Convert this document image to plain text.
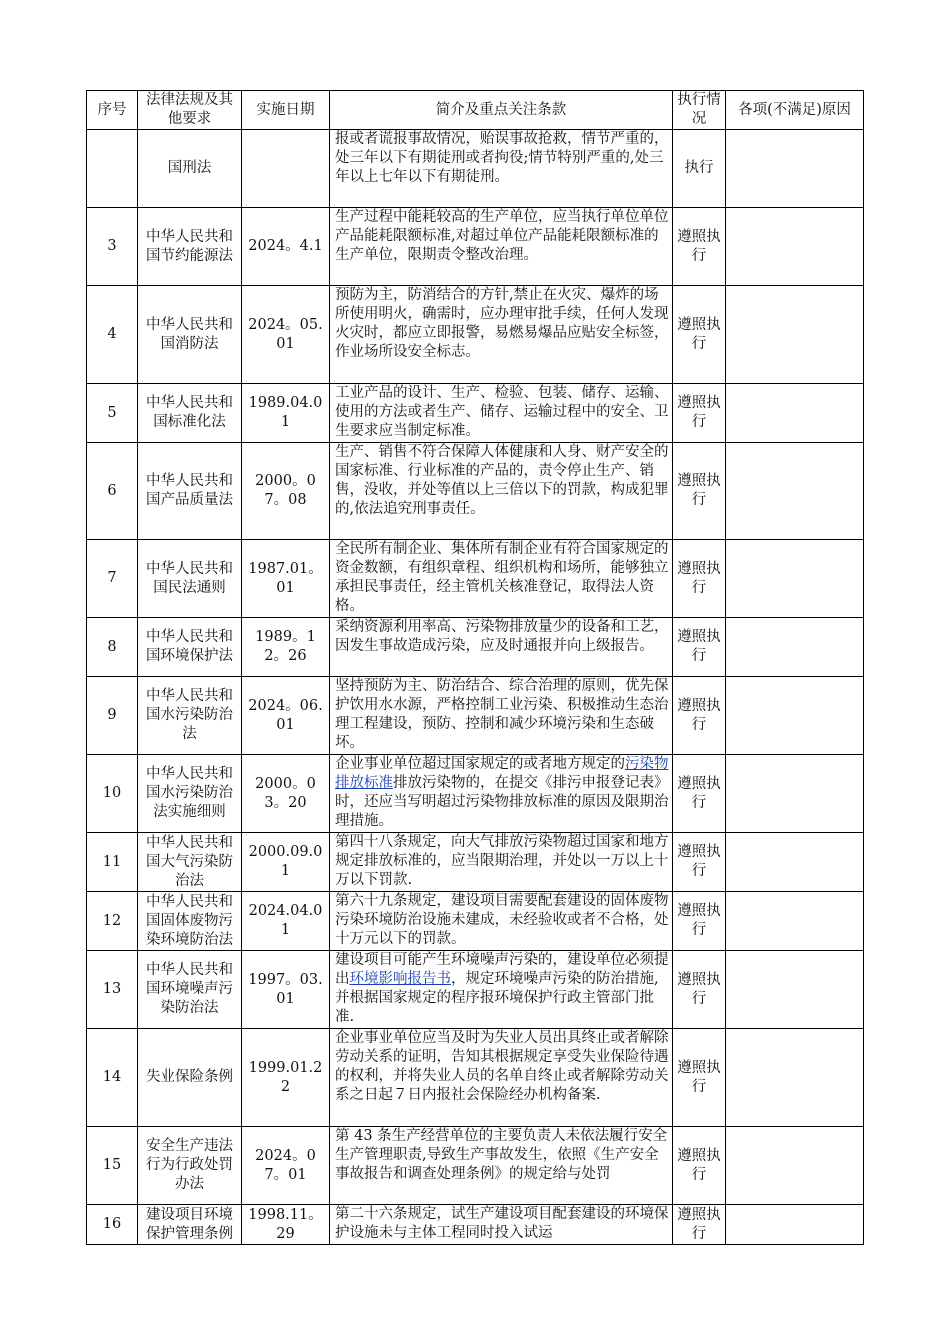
序号	法律法规及其他要求	实施日期	简介及重点关注条款	执行情况	各项(不满足)原因
	国刑法		报或者谎报事故情况，贻误事故抢救，情节严重的，处三年以下有期徒刑或者拘役;情节特别严重的,处三年以上七年以下有期徒刑。	执行	
3	中华人民共和国节约能源法	2024。4.1	生产过程中能耗较高的生产单位，应当执行单位单位产品能耗限额标准,对超过单位产品能耗限额标准的生产单位，限期责令整改治理。	遵照执行	
4	中华人民共和国消防法	2024。05.01	预防为主，防消结合的方针,禁止在火灾、爆炸的场所使用明火，确需时，应办理审批手续，任何人发现火灾时，都应立即报警，易燃易爆品应贴安全标签，作业场所设安全标志。	遵照执行	
5	中华人民共和国标准化法	1989.04.01	工业产品的设计、生产、检验、包装、储存、运输、使用的方法或者生产、储存、运输过程中的安全、卫生要求应当制定标准。	遵照执行	
6	中华人民共和国产品质量法	2000。07。08	生产、销售不符合保障人体健康和人身、财产安全的国家标准、行业标准的产品的，责令停止生产、销售，没收，并处等值以上三倍以下的罚款，构成犯罪的,依法追究刑事责任。	遵照执行	
7	中华人民共和国民法通则	1987.01。01	全民所有制企业、集体所有制企业有符合国家规定的资金数额，有组织章程、组织机构和场所，能够独立承担民事责任，经主管机关核准登记，取得法人资格。	遵照执行	
8	中华人民共和国环境保护法	1989。12。26	采纳资源利用率高、污染物排放量少的设备和工艺，因发生事故造成污染，应及时通报并向上级报告。	遵照执行	
9	中华人民共和国水污染防治法	2024。06.01	坚持预防为主、防治结合、综合治理的原则，优先保护饮用水水源，严格控制工业污染、积极推动生态治理工程建设，预防、控制和减少环境污染和生态破坏。	遵照执行	
10	中华人民共和国水污染防治法实施细则	2000。03。20	企业事业单位超过国家规定的或者地方规定的污染物排放标准排放污染物的，在提交《排污申报登记表》时，还应当写明超过污染物排放标准的原因及限期治理措施。	遵照执行	
11	中华人民共和国大气污染防治法	2000.09.01	第四十八条规定，向大气排放污染物超过国家和地方规定排放标准的，应当限期治理，并处以一万以上十万以下罚款.	遵照执行	
12	中华人民共和国固体废物污染环境防治法	2024.04.01	第六十九条规定，建设项目需要配套建设的固体废物污染环境防治设施未建成，未经验收或者不合格，处十万元以下的罚款。	遵照执行	
13	中华人民共和国环境噪声污染防治法	1997。03.01	建设项目可能产生环境噪声污染的，建设单位必须提出环境影响报告书，规定环境噪声污染的防治措施,并根据国家规定的程序报环境保护行政主管部门批准.	遵照执行	
14	失业保险条例	1999.01.22	企业事业单位应当及时为失业人员出具终止或者解除劳动关系的证明，告知其根据规定享受失业保险待遇的权利，并将失业人员的名单自终止或者解除劳动关系之日起７日内报社会保险经办机构备案.	遵照执行	
15	安全生产违法行为行政处罚办法	2024。07。01	第 43 条生产经营单位的主要负责人未依法履行安全生产管理职责,导致生产事故发生，依照《生产安全事故报告和调查处理条例》的规定给与处罚	遵照执行	
16	建设项目环境保护管理条例	1998.11。29	第二十六条规定，试生产建设项目配套建设的环境保护设施未与主体工程同时投入试运	遵照执行	
